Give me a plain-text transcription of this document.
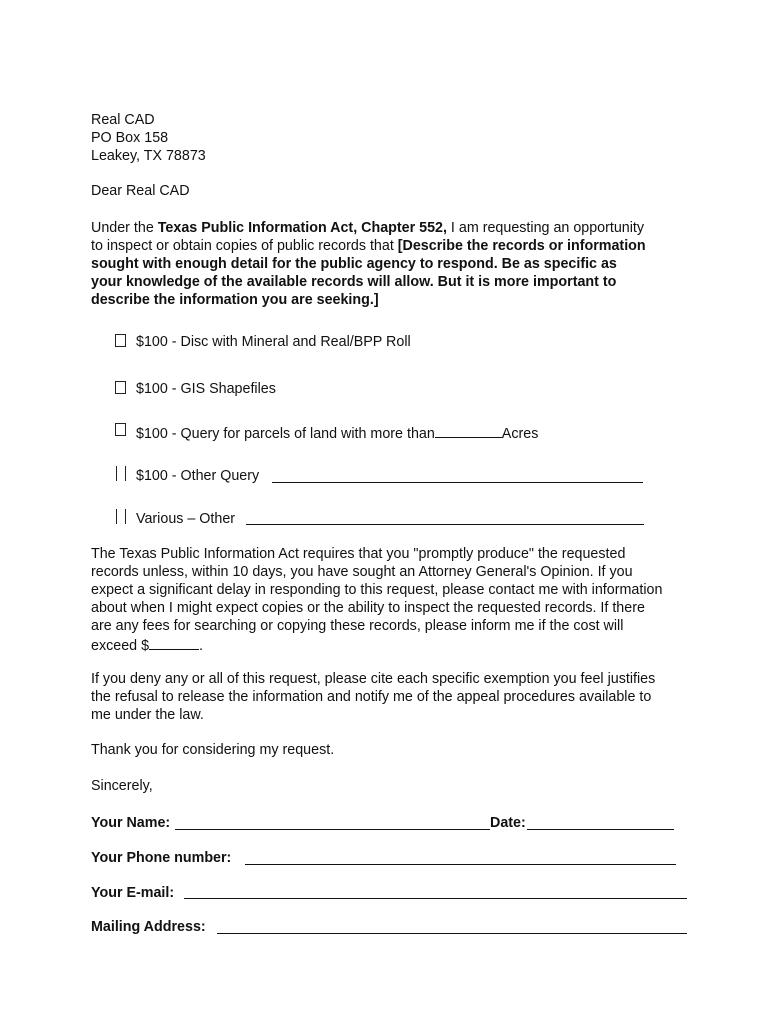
Real CAD
PO Box 158
Leakey, TX 78873
Dear Real CAD
Under the Texas Public Information Act, Chapter 552, I am requesting an opportunity
to inspect or obtain copies of public records that [Describe the records or information
sought with enough detail for the public agency to respond. Be as specific as
your knowledge of the available records will allow. But it is more important to
describe the information you are seeking.]
$100 - Disc with Mineral and Real/BPP Roll
$100 - GIS Shapefiles
$100 - Query for parcels of land with more than	Acres
$100 - Other Query
Various – Other
The Texas Public Information Act requires that you "promptly produce" the requested
records unless, within 10 days, you have sought an Attorney General's Opinion. If you
expect a significant delay in responding to this request, please contact me with information
about when I might expect copies or the ability to inspect the requested records. If there
are any fees for searching or copying these records, please inform me if the cost will
exceed $	.
If you deny any or all of this request, please cite each specific exemption you feel justifies
the refusal to release the information and notify me of the appeal procedures available to
me under the law.
Thank you for considering my request.
Sincerely,
Your Name:	Date:
Your Phone number:
Your E-mail:
Mailing Address:
